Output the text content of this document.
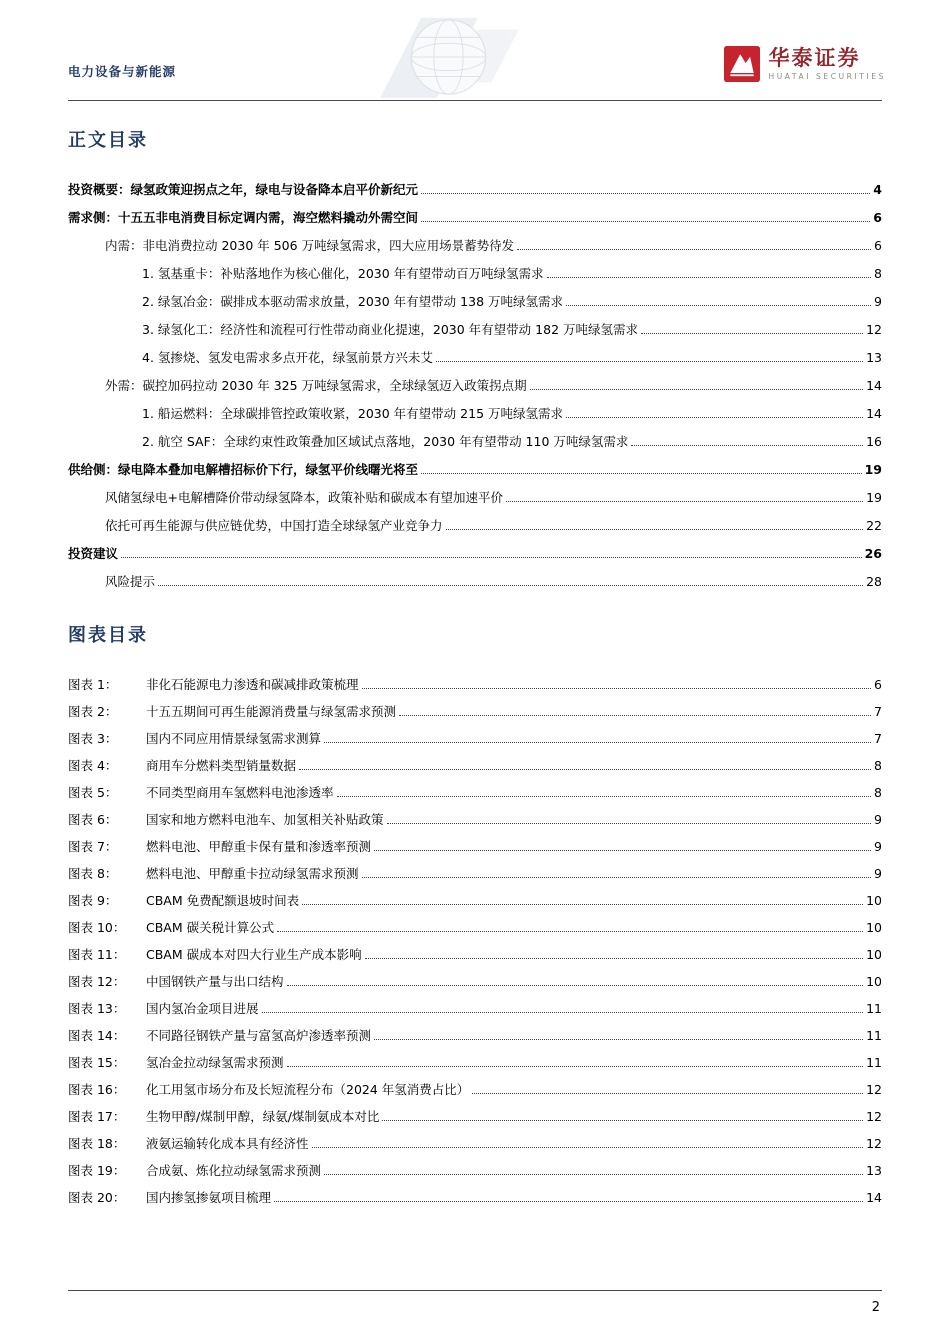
电力设备与新能源
华泰证券
HUATAI SECURITIES
正文目录
投资概要：绿氢政策迎拐点之年，绿电与设备降本启平价新纪元	4
需求侧：十五五非电消费目标定调内需，海空燃料撬动外需空间	6
内需：非电消费拉动 2030 年 506 万吨绿氢需求，四大应用场景蓄势待发	6
1. 氢基重卡：补贴落地作为核心催化，2030 年有望带动百万吨绿氢需求	8
2. 绿氢冶金：碳排成本驱动需求放量，2030 年有望带动 138 万吨绿氢需求	9
3. 绿氢化工：经济性和流程可行性带动商业化提速，2030 年有望带动 182 万吨绿氢需求	12
4. 氢掺烧、氢发电需求多点开花，绿氢前景方兴未艾	13
外需：碳控加码拉动 2030 年 325 万吨绿氢需求，全球绿氢迈入政策拐点期	14
1. 船运燃料：全球碳排管控政策收紧，2030 年有望带动 215 万吨绿氢需求	14
2. 航空 SAF：全球约束性政策叠加区域试点落地，2030 年有望带动 110 万吨绿氢需求	16
供给侧：绿电降本叠加电解槽招标价下行，绿氢平价线曙光将至	19
风储氢绿电+电解槽降价带动绿氢降本，政策补贴和碳成本有望加速平价	19
依托可再生能源与供应链优势，中国打造全球绿氢产业竞争力	22
投资建议	26
风险提示	28
图表目录
图表 1：	非化石能源电力渗透和碳减排政策梳理	6
图表 2：	十五五期间可再生能源消费量与绿氢需求预测	7
图表 3：	国内不同应用情景绿氢需求测算	7
图表 4：	商用车分燃料类型销量数据	8
图表 5：	不同类型商用车氢燃料电池渗透率	8
图表 6：	国家和地方燃料电池车、加氢相关补贴政策	9
图表 7：	燃料电池、甲醇重卡保有量和渗透率预测	9
图表 8：	燃料电池、甲醇重卡拉动绿氢需求预测	9
图表 9：	CBAM 免费配额退坡时间表	10
图表 10：	CBAM 碳关税计算公式	10
图表 11：	CBAM 碳成本对四大行业生产成本影响	10
图表 12：	中国钢铁产量与出口结构	10
图表 13：	国内氢冶金项目进展	11
图表 14：	不同路径钢铁产量与富氢高炉渗透率预测	11
图表 15：	氢冶金拉动绿氢需求预测	11
图表 16：	化工用氢市场分布及长短流程分布（2024 年氢消费占比）	12
图表 17：	生物甲醇/煤制甲醇，绿氨/煤制氨成本对比	12
图表 18：	液氨运输转化成本具有经济性	12
图表 19：	合成氨、炼化拉动绿氢需求预测	13
图表 20：	国内掺氢掺氨项目梳理	14
2
